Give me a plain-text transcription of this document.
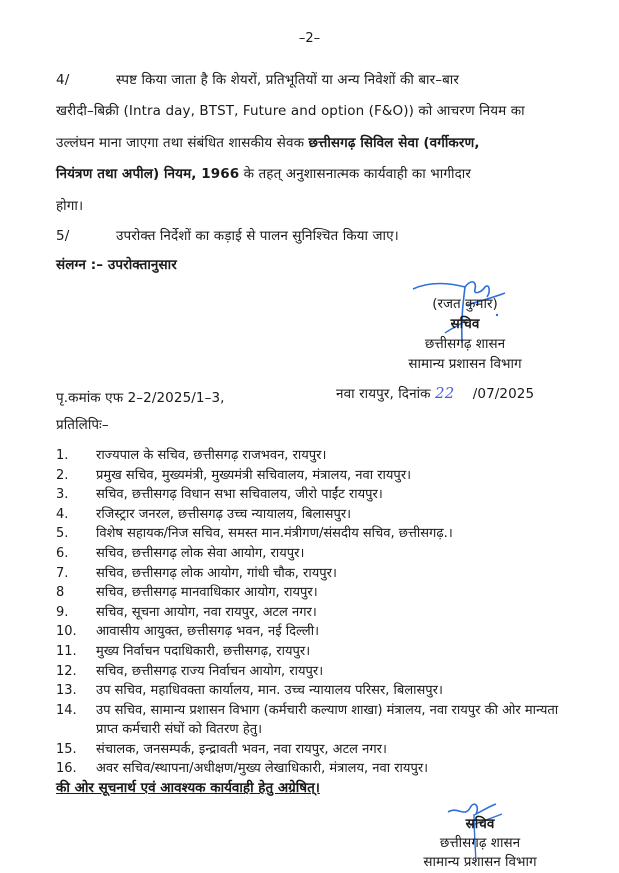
–2–
4/	स्पष्ट किया जाता है कि शेयरों, प्रतिभूतियों या अन्य निवेशों की बार–बार
खरीदी–बिक्री (Intra day, BTST, Future and option (F&O)) को आचरण नियम का
उल्लंघन माना जाएगा तथा संबंधित शासकीय सेवक छत्तीसगढ़ सिविल सेवा (वर्गीकरण,
नियंत्रण तथा अपील) नियम, 1966 के तहत् अनुशासनात्मक कार्यवाही का भागीदार
होगा।
5/	उपरोक्त निर्देशों का कड़ाई से पालन सुनिश्चित किया जाए।
संलग्न :– उपरोक्तानुसार
(रजत कुमार)
सचिव
छत्तीसगढ़ शासन
सामान्य प्रशासन विभाग
पृ.कमांक एफ 2–2/2025/1–3,	नवा रायपुर, दिनांक 22 /07/2025
प्रतिलिपिः–
1.	राज्यपाल के सचिव, छत्तीसगढ़ राजभवन, रायपुर।
2.	प्रमुख सचिव, मुख्यमंत्री, मुख्यमंत्री सचिवालय, मंत्रालय, नवा रायपुर।
3.	सचिव, छत्तीसगढ़ विधान सभा सचिवालय, जीरो पाईंट रायपुर।
4.	रजिस्ट्रार जनरल, छत्तीसगढ़ उच्च न्यायालय, बिलासपुर।
5.	विशेष सहायक/निज सचिव, समस्त मान.मंत्रीगण/संसदीय सचिव, छत्तीसगढ़.।
6.	सचिव, छत्तीसगढ़ लोक सेवा आयोग, रायपुर।
7.	सचिव, छत्तीसगढ़ लोक आयोग, गांधी चौक, रायपुर।
8	सचिव, छत्तीसगढ़ मानवाधिकार आयोग, रायपुर।
9.	सचिव, सूचना आयोग, नवा रायपुर, अटल नगर।
10.	आवासीय आयुक्त, छत्तीसगढ़ भवन, नई दिल्ली।
11.	मुख्य निर्वाचन पदाधिकारी, छत्तीसगढ़, रायपुर।
12.	सचिव, छत्तीसगढ़ राज्य निर्वाचन आयोग, रायपुर।
13.	उप सचिव, महाधिवक्ता कार्यालय, मान. उच्च न्यायालय परिसर, बिलासपुर।
14.	उप सचिव, सामान्य प्रशासन विभाग (कर्मचारी कल्याण शाखा) मंत्रालय, नवा रायपुर की ओर मान्यता प्राप्त कर्मचारी संघों को वितरण हेतु।
15.	संचालक, जनसम्पर्क, इन्द्रावती भवन, नवा रायपुर, अटल नगर।
16.	अवर सचिव/स्थापना/अधीक्षण/मुख्य लेखाधिकारी, मंत्रालय, नवा रायपुर।
की ओर सूचनार्थ एवं आवश्यक कार्यवाही हेतु अग्रेषित्।
सचिव
छत्तीसगढ़ शासन
सामान्य प्रशासन विभाग
